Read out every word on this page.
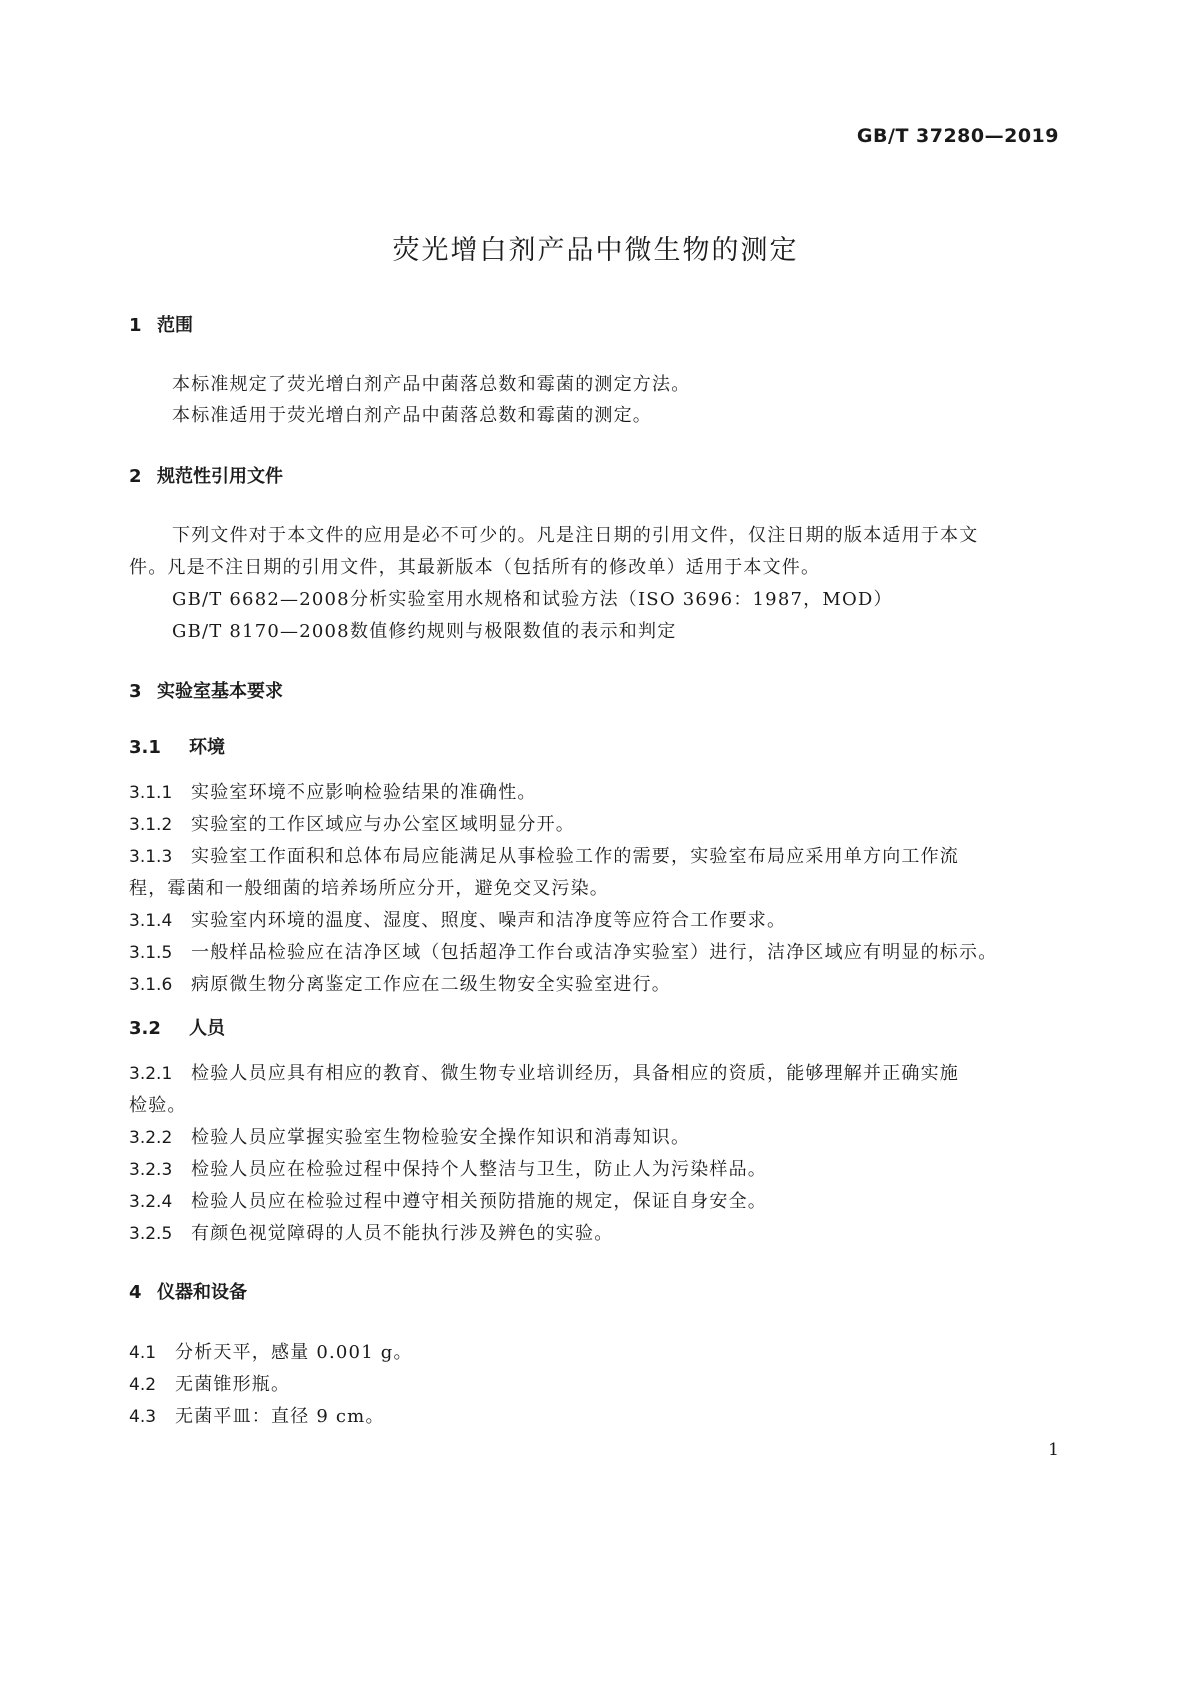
GB/T 37280—2019
荧光增白剂产品中微生物的测定
1 范围
本标准规定了荧光增白剂产品中菌落总数和霉菌的测定方法。
本标准适用于荧光增白剂产品中菌落总数和霉菌的测定。
2 规范性引用文件
下列文件对于本文件的应用是必不可少的。凡是注日期的引用文件，仅注日期的版本适用于本文
件。凡是不注日期的引用文件，其最新版本（包括所有的修改单）适用于本文件。
GB/T 6682—2008分析实验室用水规格和试验方法（ISO 3696：1987，MOD）
GB/T 8170—2008数值修约规则与极限数值的表示和判定
3 实验室基本要求
3.1 环境
3.1.1 实验室环境不应影响检验结果的准确性。
3.1.2 实验室的工作区域应与办公室区域明显分开。
3.1.3 实验室工作面积和总体布局应能满足从事检验工作的需要，实验室布局应采用单方向工作流
程，霉菌和一般细菌的培养场所应分开，避免交叉污染。
3.1.4 实验室内环境的温度、湿度、照度、噪声和洁净度等应符合工作要求。
3.1.5 一般样品检验应在洁净区域（包括超净工作台或洁净实验室）进行，洁净区域应有明显的标示。
3.1.6 病原微生物分离鉴定工作应在二级生物安全实验室进行。
3.2 人员
3.2.1 检验人员应具有相应的教育、微生物专业培训经历，具备相应的资质，能够理解并正确实施
检验。
3.2.2 检验人员应掌握实验室生物检验安全操作知识和消毒知识。
3.2.3 检验人员应在检验过程中保持个人整洁与卫生，防止人为污染样品。
3.2.4 检验人员应在检验过程中遵守相关预防措施的规定，保证自身安全。
3.2.5 有颜色视觉障碍的人员不能执行涉及辨色的实验。
4 仪器和设备
4.1 分析天平，感量 0.001 g。
4.2 无菌锥形瓶。
4.3 无菌平皿：直径 9 cm。
1
